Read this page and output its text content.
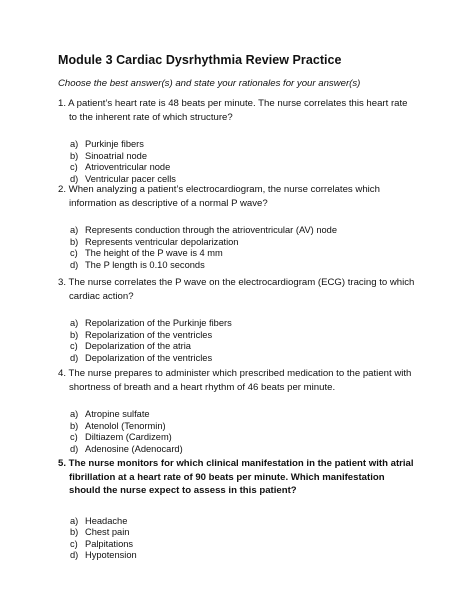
Module 3 Cardiac Dysrhythmia Review Practice
Choose the best answer(s) and state your rationales for your answer(s)

1. A patient’s heart rate is 48 beats per minute. The nurse correlates this heart rate to the inherent rate of which structure?

a) Purkinje fibers
b) Sinoatrial node
c) Atrioventricular node
d) Ventricular pacer cells

2. When analyzing a patient’s electrocardiogram, the nurse correlates which information as descriptive of a normal P wave?

a) Represents conduction through the atrioventricular (AV) node
b) Represents ventricular depolarization
c) The height of the P wave is 4 mm
d) The P length is 0.10 seconds

3. The nurse correlates the P wave on the electrocardiogram (ECG) tracing to which cardiac action?

a) Repolarization of the Purkinje fibers
b) Repolarization of the ventricles
c) Depolarization of the atria
d) Depolarization of the ventricles

4. The nurse prepares to administer which prescribed medication to the patient with shortness of breath and a heart rhythm of 46 beats per minute.

a) Atropine sulfate
b) Atenolol (Tenormin)
c) Diltiazem (Cardizem)
d) Adenosine (Adenocard)

5. The nurse monitors for which clinical manifestation in the patient with atrial fibrillation at a heart rate of 90 beats per minute. Which manifestation should the nurse expect to assess in this patient?

a) Headache
b) Chest pain
c) Palpitations
d) Hypotension
